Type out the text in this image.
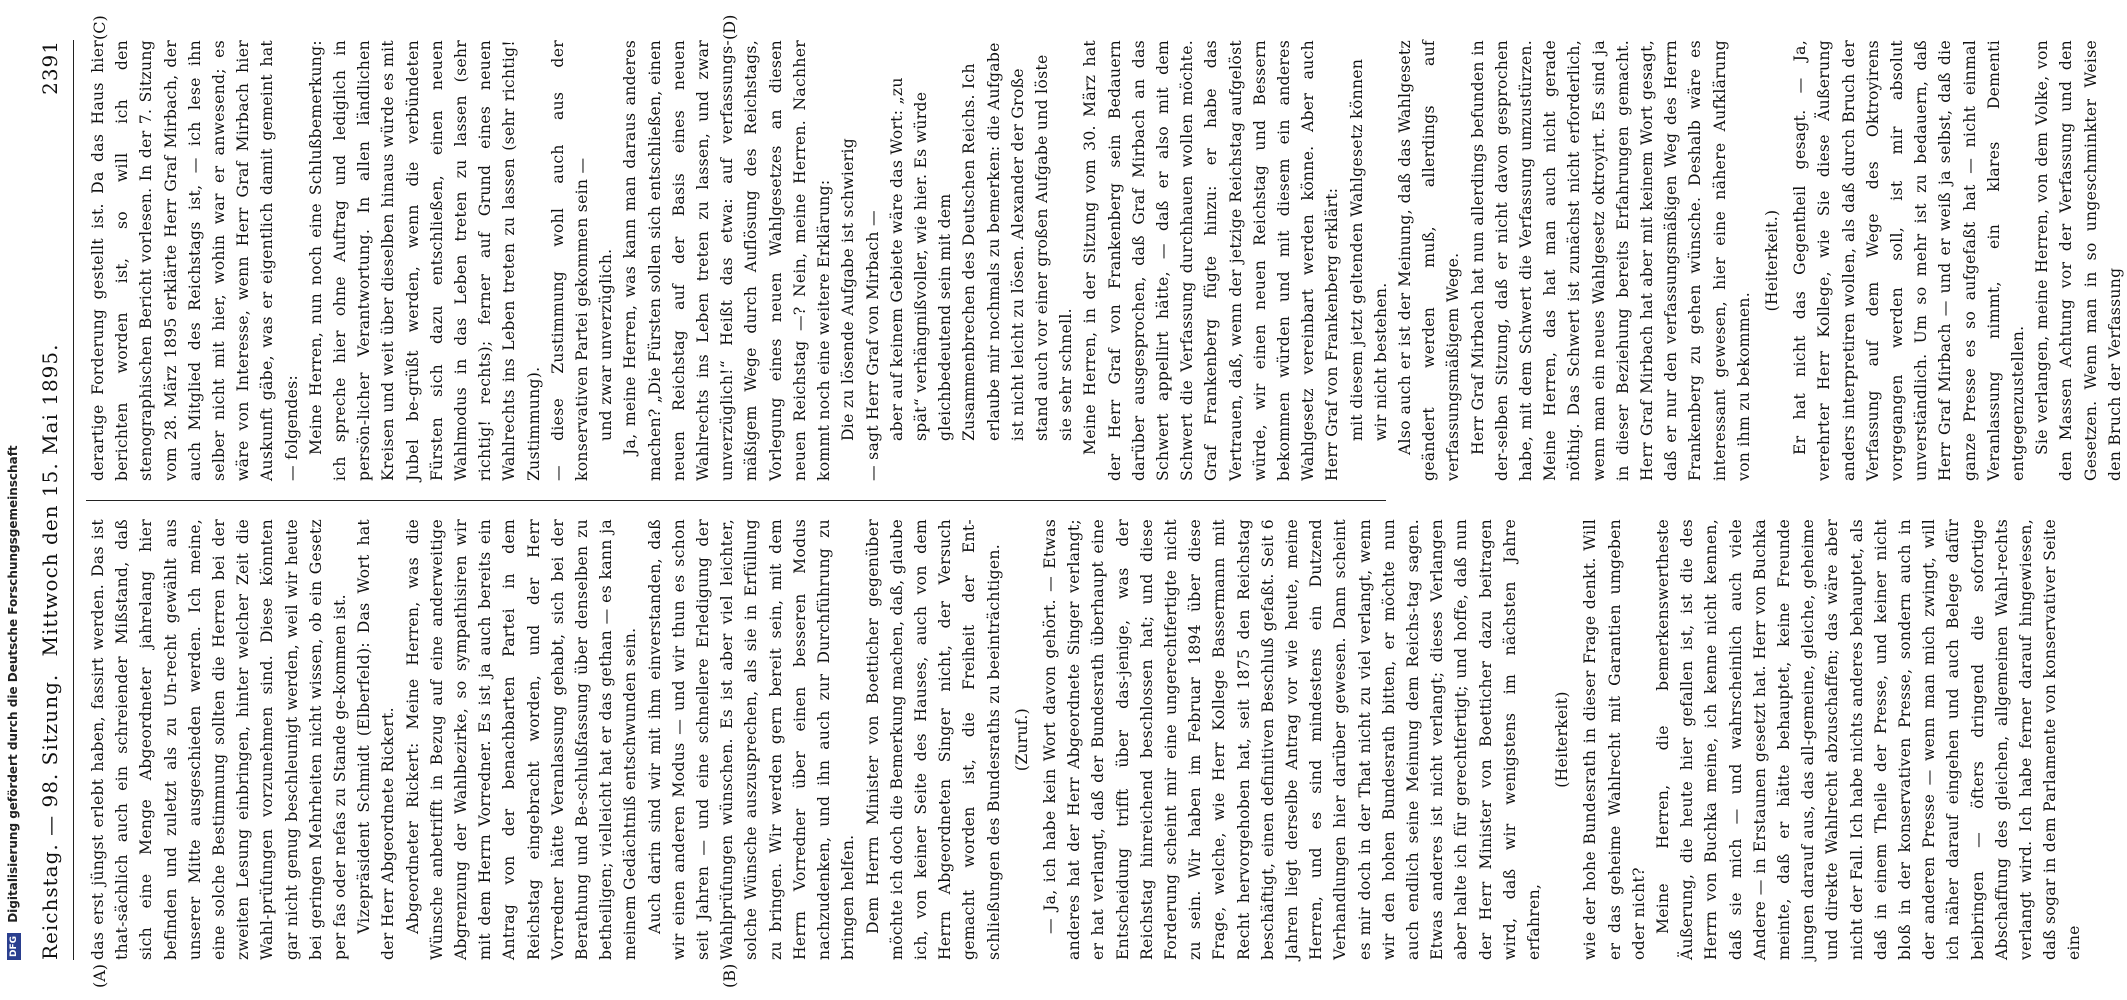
Reichstag. — 98. Sitzung.
Mittwoch den 15. Mai 1895.
2391
(A)	(B)
(C)	(D)

das erst jüngst erlebt haben, fassirt werden. Das ist that-sächlich auch ein schreiender Mißstand, daß sich eine Menge Abgeordneter jahrelang hier befinden und zuletzt als zu Un-recht gewählt aus unserer Mitte ausgeschieden werden. Ich meine, eine solche Bestimmung sollten die Herren bei der zweiten Lesung einbringen, hinter welcher Zeit die Wahl-prüfungen vorzunehmen sind. Diese könnten gar nicht genug beschleunigt werden, weil wir heute bei geringen Mehrheiten nicht wissen, ob ein Gesetz per fas oder nefas zu Stande ge-kommen ist. Vizepräsident Schmidt (Elberfeld): Das Wort hat der Herr Abgeordnete Rickert. Abgeordneter Rickert: Meine Herren, was die Wünsche anbetrifft in Bezug auf eine anderweitige Abgrenzung der Wahlbezirke, so sympathisiren wir mit dem Herrn Vorredner. Es ist ja auch bereits ein Antrag von der benachbarten Partei in dem Reichstag eingebracht worden, und der Herr Vorredner hätte Veranlassung gehabt, sich bei der Berathung und Be-schlußfassung über denselben zu betheiligen; vielleicht hat er das gethan — es kann ja meinem Gedächtniß entschwunden sein. Auch darin sind wir mit ihm einverstanden, daß wir einen anderen Modus — und wir thun es schon seit Jahren — und eine schnellere Erledigung der Wahlprüfungen wünschen. Es ist aber viel leichter, solche Wünsche auszusprechen, als sie in Erfüllung zu bringen. Wir werden gern bereit sein, mit dem Herrn Vorredner über einen besseren Modus nachzudenken, und ihn auch zur Durchführung zu bringen helfen. Dem Herrn Minister von Boetticher gegenüber möchte ich doch die Bemerkung machen, daß, glaube ich, von keiner Seite des Hauses, auch von dem Herrn Abgeordneten Singer nicht, der Versuch gemacht worden ist, die Freiheit der Ent-schließungen des Bundesraths zu beeinträchtigen. (Zuruf.) — Ja, ich habe kein Wort davon gehört. — Etwas anderes hat der Herr Abgeordnete Singer verlangt; er hat verlangt, daß der Bundesrath überhaupt eine Entscheidung trifft über das-jenige, was der Reichstag hinreichend beschlossen hat; und diese Forderung scheint mir eine ungerechtfertigte nicht zu sein. Wir haben im Februar 1894 über diese Frage, welche, wie Herr Kollege Bassermann mit Recht hervorgehoben hat, seit 1875 den Reichstag beschäftigt, einen definitiven Beschluß gefaßt. Seit 6 Jahren liegt derselbe Antrag vor wie heute, meine Herren, und es sind mindestens ein Dutzend Verhandlungen hier darüber gewesen. Dann scheint es mir doch in der That nicht zu viel verlangt, wenn wir den hohen Bundesrath bitten, er möchte nun auch endlich seine Meinung dem Reichs-tag sagen. Etwas anderes ist nicht verlangt; dieses Verlangen aber halte ich für gerechtfertigt; und hoffe, daß nun der Herr Minister von Boetticher dazu beitragen wird, daß wir wenigstens im nächsten Jahre erfahren,

(Heiterkeit) wie der hohe Bundesrath in dieser Frage denkt. Will er das geheime Wahlrecht mit Garantien umgeben oder nicht? Meine Herren, die bemerkenswertheste Äußerung, die heute hier gefallen ist, ist die des Herrn von Buchka meine, ich kenne nicht kennen, daß sie mich — und wahrscheinlich auch viele Andere — in Erstaunen gesetzt hat. Herr von Buchka meinte, daß er hätte behauptet, keine Freunde jungen darauf aus, das all-gemeine, gleiche, geheime und direkte Wahlrecht abzuschaffen; das wäre aber nicht der Fall. Ich habe nichts anderes behauptet, als daß in einem Theile der Presse, und keiner nicht bloß in der konservativen Presse, sondern auch in der anderen Presse — wenn man mich zwingt, will ich näher darauf eingehen und auch Belege dafür beibringen — öfters dringend die sofortige Abschaffung des gleichen, allgemeinen Wahl-rechts verlangt wird. Ich habe ferner darauf hingewiesen, daß sogar in dem Parlamente von konservativer Seite eine

derartige Forderung gestellt ist. Da das Haus hier berichten worden ist, so will ich den stenographischen Bericht vorlesen. In der 7. Sitzung vom 28. März 1895 erklärte Herr Graf Mirbach, der auch Mitglied des Reichstags ist, — ich lese ihn selber nicht mit hier, wohin war er anwesend; es wäre von Interesse, wenn Herr Graf Mirbach hier Auskunft gäbe, was er eigentlich damit gemeint hat — folgendes: Meine Herren, nun noch eine Schlußbemerkung: ich spreche hier ohne Auftrag und lediglich in persön-licher Verantwortung. In allen ländlichen Kreisen und weit über dieselben hinaus würde es mit Jubel be-grüßt werden, wenn die verbündeten Fürsten sich dazu entschließen, einen neuen Wahlmodus in das Leben treten zu lassen (sehr richtig! rechts); ferner auf Grund eines neuen Wahlrechts ins Leben treten zu lassen (sehr richtig! Zustimmung). — diese Zustimmung wohl auch aus der konservativen Partei gekommen sein — und zwar unverzüglich. Ja, meine Herren, was kann man daraus anderes machen? „Die Fürsten sollen sich entschließen, einen neuen Reichstag auf der Basis eines neuen Wahlrechts ins Leben treten zu lassen, und zwar unverzüglich!“ Heißt das etwa: auf verfassungs-mäßigem Wege durch Auflösung des Reichstags, Vorlegung eines neuen Wahlgesetzes an diesen neuen Reichstag —? Nein, meine Herren. Nachher kommt noch eine weitere Erklärung: Die zu lösende Aufgabe ist schwierig — sagt Herr Graf von Mirbach — aber auf keinem Gebiete wäre das Wort: „zu spät“ verhängnißvoller, wie hier. Es würde gleichbedeutend sein mit dem Zusammenbrechen des Deutschen Reichs. Ich erlaube mir nochmals zu bemerken: die Aufgabe ist nicht leicht zu lösen. Alexander der Große stand auch vor einer großen Aufgabe und löste sie sehr schnell. Meine Herren, in der Sitzung vom 30. März hat der Herr Graf von Frankenberg sein Bedauern darüber ausgesprochen, daß Graf Mirbach an das Schwert appellirt hätte, — daß er also mit dem Schwert die Verfassung durchhauen wollen möchte. Graf Frankenberg fügte hinzu: er habe das Vertrauen, daß, wenn der jetzige Reichstag aufgelöst würde, wir einen neuen Reichstag und Bessern bekommen würden und mit diesem ein anderes Wahlgesetz vereinbart werden könne. Aber auch Herr Graf von Frankenberg erklärt: mit diesem jetzt geltenden Wahlgesetz können wir nicht bestehen. Also auch er ist der Meinung, daß das Wahlgesetz geändert werden muß, allerdings auf verfassungsmäßigem Wege. Herr Graf Mirbach hat nun allerdings befunden in der-selben Sitzung, daß er nicht davon gesprochen habe, mit dem Schwert die Verfassung umzustürzen. Meine Herren, das hat man auch nicht gerade nöthig. Das Schwert ist zunächst nicht erforderlich, wenn man ein neues Wahlgesetz oktroyirt. Es sind ja in dieser Beziehung bereits Erfahrungen gemacht. Herr Graf Mirbach hat aber mit keinem Wort gesagt, daß er nur den verfassungsmäßigen Weg des Herrn Frankenberg zu gehen wünsche. Deshalb wäre es interessant gewesen, hier eine nähere Aufklärung von ihm zu bekommen.

(Heiterkeit.) Er hat nicht das Gegentheil gesagt. — Ja, verehrter Herr Kollege, wie Sie diese Äußerung anders interpretiren wollen, als daß durch Bruch der Verfassung auf dem Wege des Oktroyirens vorgegangen werden soll, ist mir absolut unverständlich. Um so mehr ist zu bedauern, daß Herr Graf Mirbach — und er weiß ja selbst, daß die ganze Presse es so aufgefaßt hat — nicht einmal Veranlassung nimmt, ein klares Dementi entgegenzustellen. Sie verlangen, meine Herren, von dem Volke, von den Massen Achtung vor der Verfassung und den Gesetzen. Wenn man in so ungeschminkter Weise den Bruch der Verfassung

DFG Digitalisierung gefördert durch die Deutsche Forschungsgemeinschaft
